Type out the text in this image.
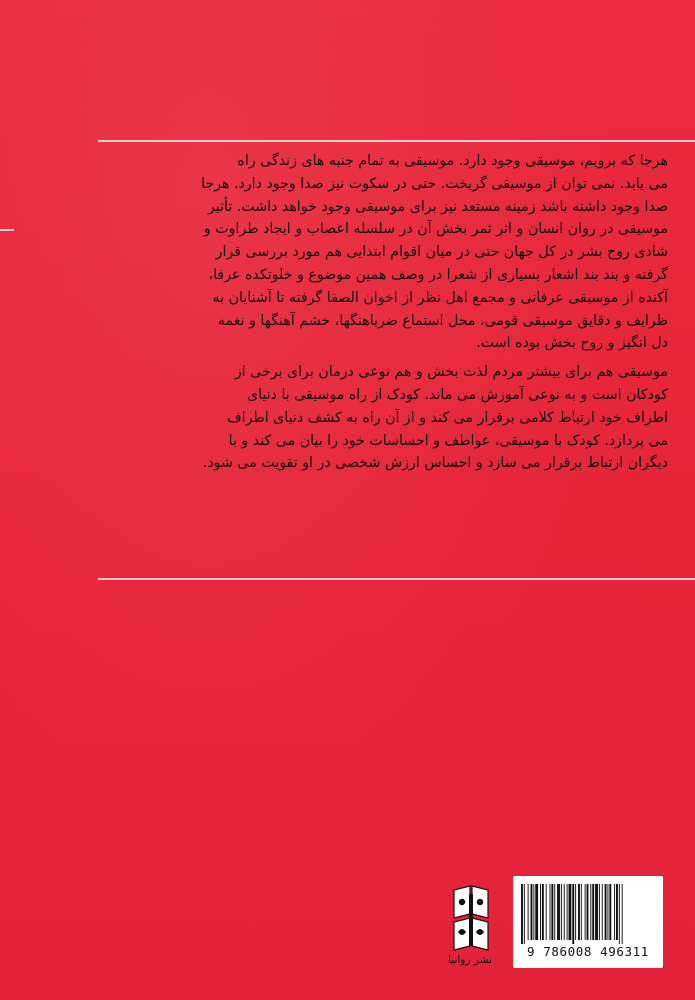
هرجا که برویم، موسیقی وجود دارد. موسیقی به تمام جنبه های زندگی راه
می یابد. نمی توان از موسیقی گریخت. حتی در سکوت نیز صدا وجود دارد. هرجا
صدا وجود داشته باشد زمینه مستعد نیز برای موسیقی وجود خواهد داشت. تأثیر
موسیقی در روان انسان و اثر ثمر بخش آن در سلسله اعصاب و ایجاد طراوت و
شادی روح بشر در کل جهان حتی در میان اقوام ابتدایی هم مورد بررسی قرار
گرفته و بند بند اشعار بسیاری از شعرا در وصف همین موضوع و خلوتکده عرفا،
آکنده از موسیقی عرفانی و مجمع اهل نظر از اخوان الصفا گرفته تا آشنایان به
ظرایف و دقایق موسیقی قومی، محل استماع ضرباهنگها، خشم آهنگها و نغمه
دل انگیز و روح بخش بوده است.

موسیقی هم برای بیشتر مردم لذت بخش و هم نوعی درمان برای برخی از
کودکان است و به نوعی آموزش می ماند. کودک از راه موسیقی با دنیای
اطراف خود ارتباط کلامی برقرار می کند و از آن راه به کشف دنیای اطراف
می پردازد. کودک با موسیقی، عواطف و احساسات خود را بیان می کند و با
دیگران ارتباط برقرار می سازد و احساس ارزش شخصی در او تقویت می شود.

نشر روانیا
9 786008 496311
